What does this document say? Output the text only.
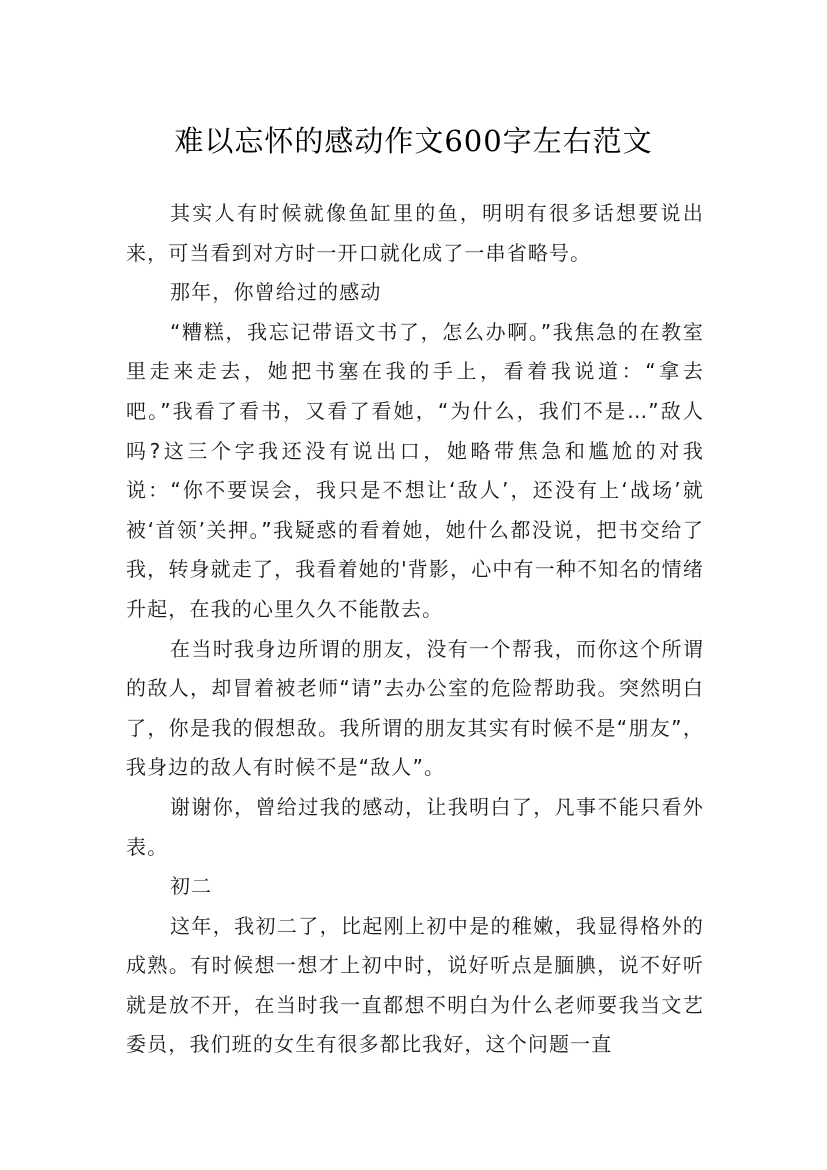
难以忘怀的感动作文600字左右范文

其实人有时候就像鱼缸里的鱼，明明有很多话想要说出来，可当看到对方时一开口就化成了一串省略号。

那年，你曾给过的感动

“糟糕，我忘记带语文书了，怎么办啊。”我焦急的在教室里走来走去，她把书塞在我的手上，看着我说道：“拿去吧。”我看了看书，又看了看她，“为什么，我们不是…”敌人吗?这三个字我还没有说出口，她略带焦急和尴尬的对我说：“你不要误会，我只是不想让‘敌人’，还没有上‘战场’就被‘首领’关押。”我疑惑的看着她，她什么都没说，把书交给了我，转身就走了，我看着她的'背影，心中有一种不知名的情绪升起，在我的心里久久不能散去。

在当时我身边所谓的朋友，没有一个帮我，而你这个所谓的敌人，却冒着被老师“请”去办公室的危险帮助我。突然明白了，你是我的假想敌。我所谓的朋友其实有时候不是“朋友”，我身边的敌人有时候不是“敌人”。

谢谢你，曾给过我的感动，让我明白了，凡事不能只看外表。

初二

这年，我初二了，比起刚上初中是的稚嫩，我显得格外的成熟。有时候想一想才上初中时，说好听点是腼腆，说不好听就是放不开，在当时我一直都想不明白为什么老师要我当文艺委员，我们班的女生有很多都比我好，这个问题一直
